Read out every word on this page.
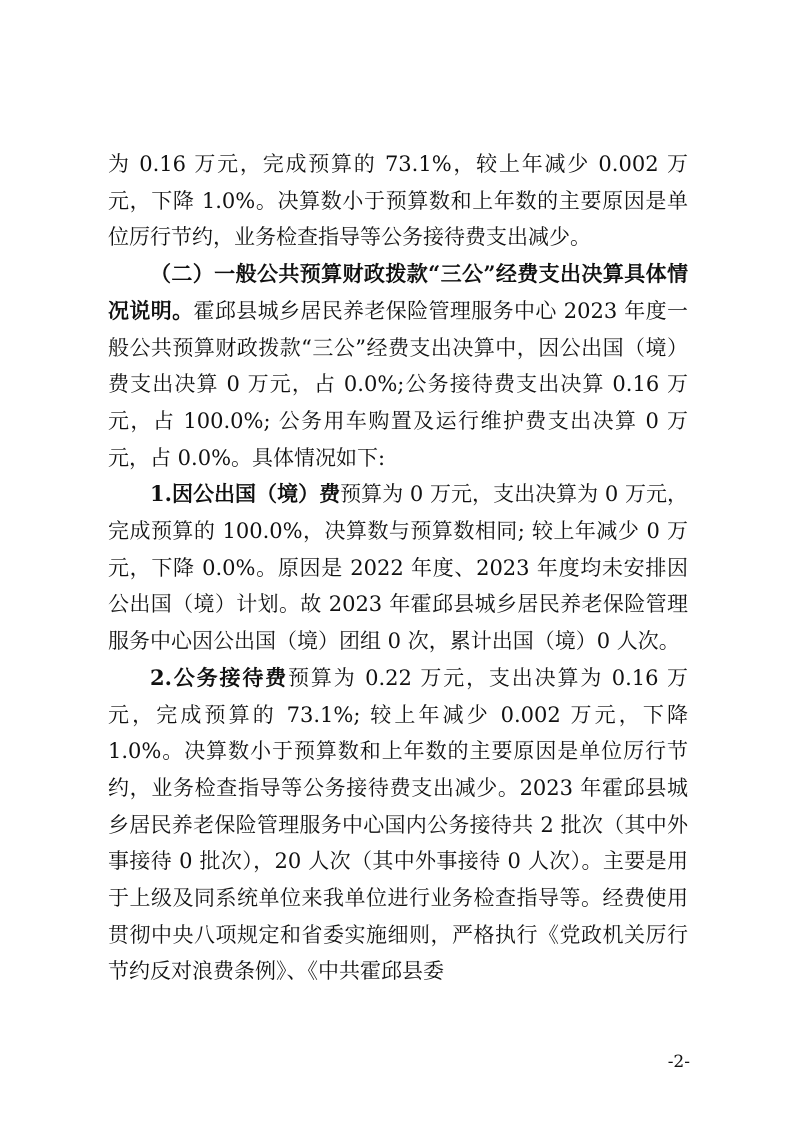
为 0.16 万元，完成预算的 73.1%，较上年减少 0.002 万元，下降 1.0%。决算数小于预算数和上年数的主要原因是单位厉行节约，业务检查指导等公务接待费支出减少。

（二）一般公共预算财政拨款“三公”经费支出决算具体情况说明。霍邱县城乡居民养老保险管理服务中心 2023 年度一般公共预算财政拨款“三公”经费支出决算中，因公出国（境）费支出决算 0 万元，占 0.0%;公务接待费支出决算 0.16 万元，占 100.0%; 公务用车购置及运行维护费支出决算 0 万元，占 0.0%。具体情况如下:

1.因公出国（境）费预算为 0 万元，支出决算为 0 万元，完成预算的 100.0%，决算数与预算数相同; 较上年减少 0 万元，下降 0.0%。原因是 2022 年度、2023 年度均未安排因公出国（境）计划。故 2023 年霍邱县城乡居民养老保险管理服务中心因公出国（境）团组 0 次，累计出国（境）0 人次。

2.公务接待费预算为 0.22 万元，支出决算为 0.16 万元，完成预算的 73.1%; 较上年减少 0.002 万元，下降 1.0%。决算数小于预算数和上年数的主要原因是单位厉行节约，业务检查指导等公务接待费支出减少。2023 年霍邱县城乡居民养老保险管理服务中心国内公务接待共 2 批次（其中外事接待 0 批次），20 人次（其中外事接待 0 人次）。主要是用于上级及同系统单位来我单位进行业务检查指导等。经费使用贯彻中央八项规定和省委实施细则，严格执行《党政机关厉行节约反对浪费条例》、《中共霍邱县委

-2-
